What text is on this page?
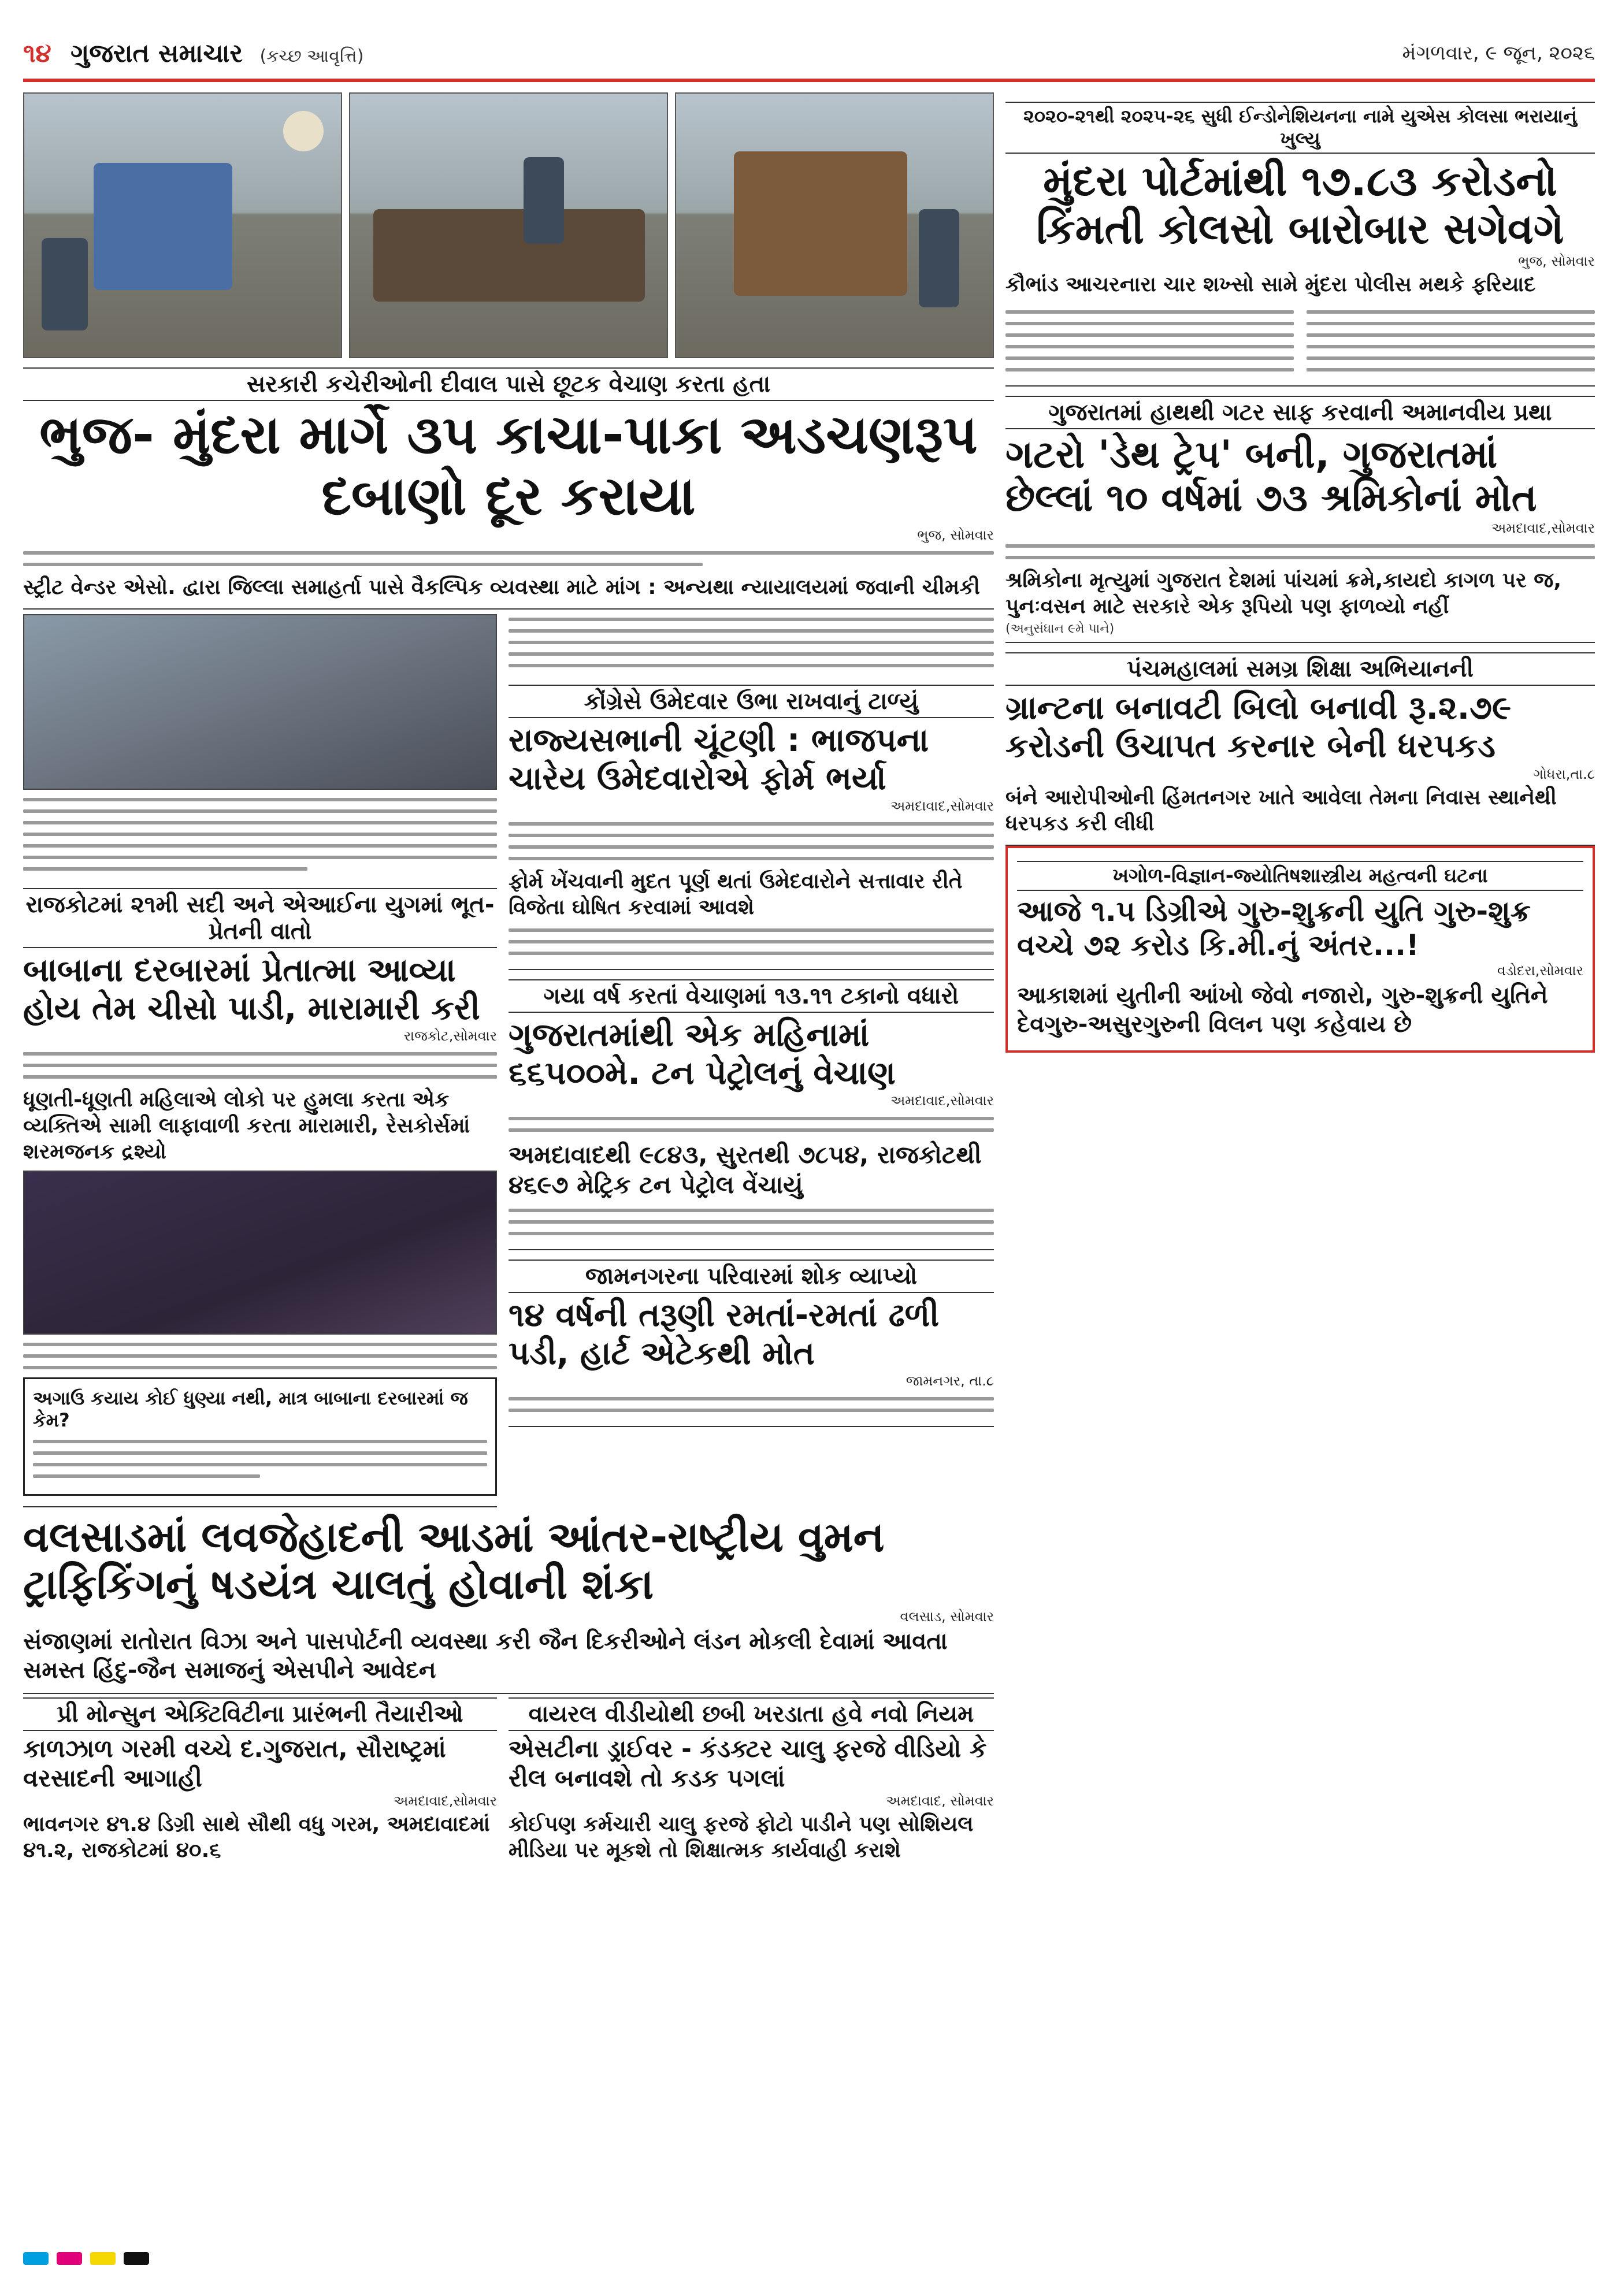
૧૪ ગુજરાત સમાચાર (કચ્છ આવૃત્તિ)	મંગળવાર, ૯ જૂન, ૨૦૨૬
સરકારી કચેરીઓની દીવાલ પાસે છૂટક વેચાણ કરતા હતા
ભુજ- મુંદરા માર્ગે ૩૫ કાચા-પાકા અડચણરૂપ દબાણો દૂર કરાયા
ભુજ, સોમવાર
સ્ટ્રીટ વેન્ડર એસો. દ્વારા જિલ્લા સમાહર્તા પાસે વૈકલ્પિક વ્યવસ્થા માટે માંગ : અન્યથા ન્યાયાલયમાં જવાની ચીમકી
રાજકોટમાં ૨૧મી સદી અને એઆઈના યુગમાં ભૂત-પ્રેતની વાતો
બાબાના દરબારમાં પ્રેતાત્મા આવ્યા હોય તેમ ચીસો પાડી, મારામારી કરી
રાજકોટ,સોમવાર
ધૂણતી-ધૂણતી મહિલાએ લોકો પર હુમલા કરતા એક વ્યક્તિએ સામી લાફાવાળી કરતા મારામારી, રેસકોર્સમાં શરમજનક દ્રશ્યો
અગાઉ કયાય કોઈ ધુણ્યા નથી, માત્ર બાબાના દરબારમાં જ કેમ?
કોંગ્રેસે ઉમેદવાર ઉભા રાખવાનું ટાળ્યું
રાજ્યસભાની ચૂંટણી : ભાજપના ચારેય ઉમેદવારોએ ફોર્મ ભર્યા
અમદાવાદ,સોમવાર
ફોર્મ ખેંચવાની મુદત પૂર્ણ થતાં ઉમેદવારોને સત્તાવાર રીતે વિજેતા ઘોષિત કરવામાં આવશે
ગયા વર્ષ કરતાં વેચાણમાં ૧૩.૧૧ ટકાનો વધારો
ગુજરાતમાંથી એક મહિનામાં ૬૬૫૦૦મે. ટન પેટ્રોલનું વેચાણ
અમદાવાદ,સોમવાર
અમદાવાદથી ૯૮૪૩, સુરતથી ૭૮૫૪, રાજકોટથી ૪૬૯૭ મેટ્રિક ટન પેટ્રોલ વેંચાયું
જામનગરના પરિવારમાં શોક વ્યાપ્યો
૧૪ વર્ષની તરૂણી રમતાં-રમતાં ઢળી પડી, હાર્ટ એટેકથી મોત
જામનગર, તા.૮
વલસાડમાં લવજેહાદની આડમાં આંતર-રાષ્ટ્રીય વુમન ટ્રાફિકિંગનું ષડયંત્ર ચાલતું હોવાની શંકા
વલસાડ, સોમવાર
સંજાણમાં રાતોરાત વિઝા અને પાસપોર્ટની વ્યવસ્થા કરી જૈન દિકરીઓને લંડન મોકલી દેવામાં આવતા સમસ્ત હિંદુ-જૈન સમાજનું એસપીને આવેદન
પ્રી મોન્સુન એક્ટિવિટીના પ્રારંભની તૈયારીઓ
કાળઝાળ ગરમી વચ્ચે દ.ગુજરાત, સૌરાષ્ટ્રમાં વરસાદની આગાહી
અમદાવાદ,સોમવાર
ભાવનગર ૪૧.૪ ડિગ્રી સાથે સૌથી વધુ ગરમ, અમદાવાદમાં ૪૧.૨, રાજકોટમાં ૪૦.૬
વાયરલ વીડીયોથી છબી ખરડાતા હવે નવો નિયમ
એસટીના ડ્રાઈવર - કંડક્ટર ચાલુ ફરજે વીડિયો કે રીલ બનાવશે તો કડક પગલાં
અમદાવાદ, સોમવાર
કોઈપણ કર્મચારી ચાલુ ફરજે ફોટો પાડીને પણ સોશિયલ મીડિયા પર મૂકશે તો શિક્ષાત્મક કાર્યવાહી કરાશે
૨૦૨૦-૨૧થી ૨૦૨૫-૨૬ સુધી ઈન્ડોનેશિયનના નામે યુએસ કોલસા ભરાયાનું ખુલ્યુ
મુંદરા પોર્ટમાંથી ૧૭.૮૩ કરોડનો કિંમતી કોલસો બારોબાર સગેવગે
ભુજ, સોમવાર
કૌભાંડ આચરનારા ચાર શખ્સો સામે મુંદરા પોલીસ મથકે ફરિયાદ
ગુજરાતમાં હાથથી ગટર સાફ કરવાની અમાનવીય પ્રથા
ગટરો 'ડેથ ટ્રેપ' બની, ગુજરાતમાં છેલ્લાં ૧૦ વર્ષમાં ૭૩ શ્રમિકોનાં મોત
અમદાવાદ,સોમવાર
શ્રમિકોના મૃત્યુમાં ગુજરાત દેશમાં પાંચમાં ક્રમે,કાયદો કાગળ પર જ, પુનઃવસન માટે સરકારે એક રૂપિયો પણ ફાળવ્યો નહીં
(અનુસંધાન ૯મે પાને)
પંચમહાલમાં સમગ્ર શિક્ષા અભિયાનની
ગ્રાન્ટના બનાવટી બિલો બનાવી રૂ.૨.૭૯ કરોડની ઉચાપત કરનાર બેની ધરપકડ
ગોધરા,તા.૮
બંને આરોપીઓની હિંમતનગર ખાતે આવેલા તેમના નિવાસ સ્થાનેથી ધરપકડ કરી લીધી
ખગોળ-વિજ્ઞાન-જ્યોતિષશાસ્ત્રીય મહત્વની ઘટના
આજે ૧.૫ ડિગ્રીએ ગુરુ-શુક્રની યુતિ ગુરુ-શુક્ર વચ્ચે ૭૨ કરોડ કિ.મી.નું અંતર...!
વડોદરા,સોમવાર
આકાશમાં યુતીની આંખો જેવો નજારો, ગુરુ-શુક્રની યુતિને દેવગુરુ-અસુરગુરુની વિલન પણ કહેવાય છે
